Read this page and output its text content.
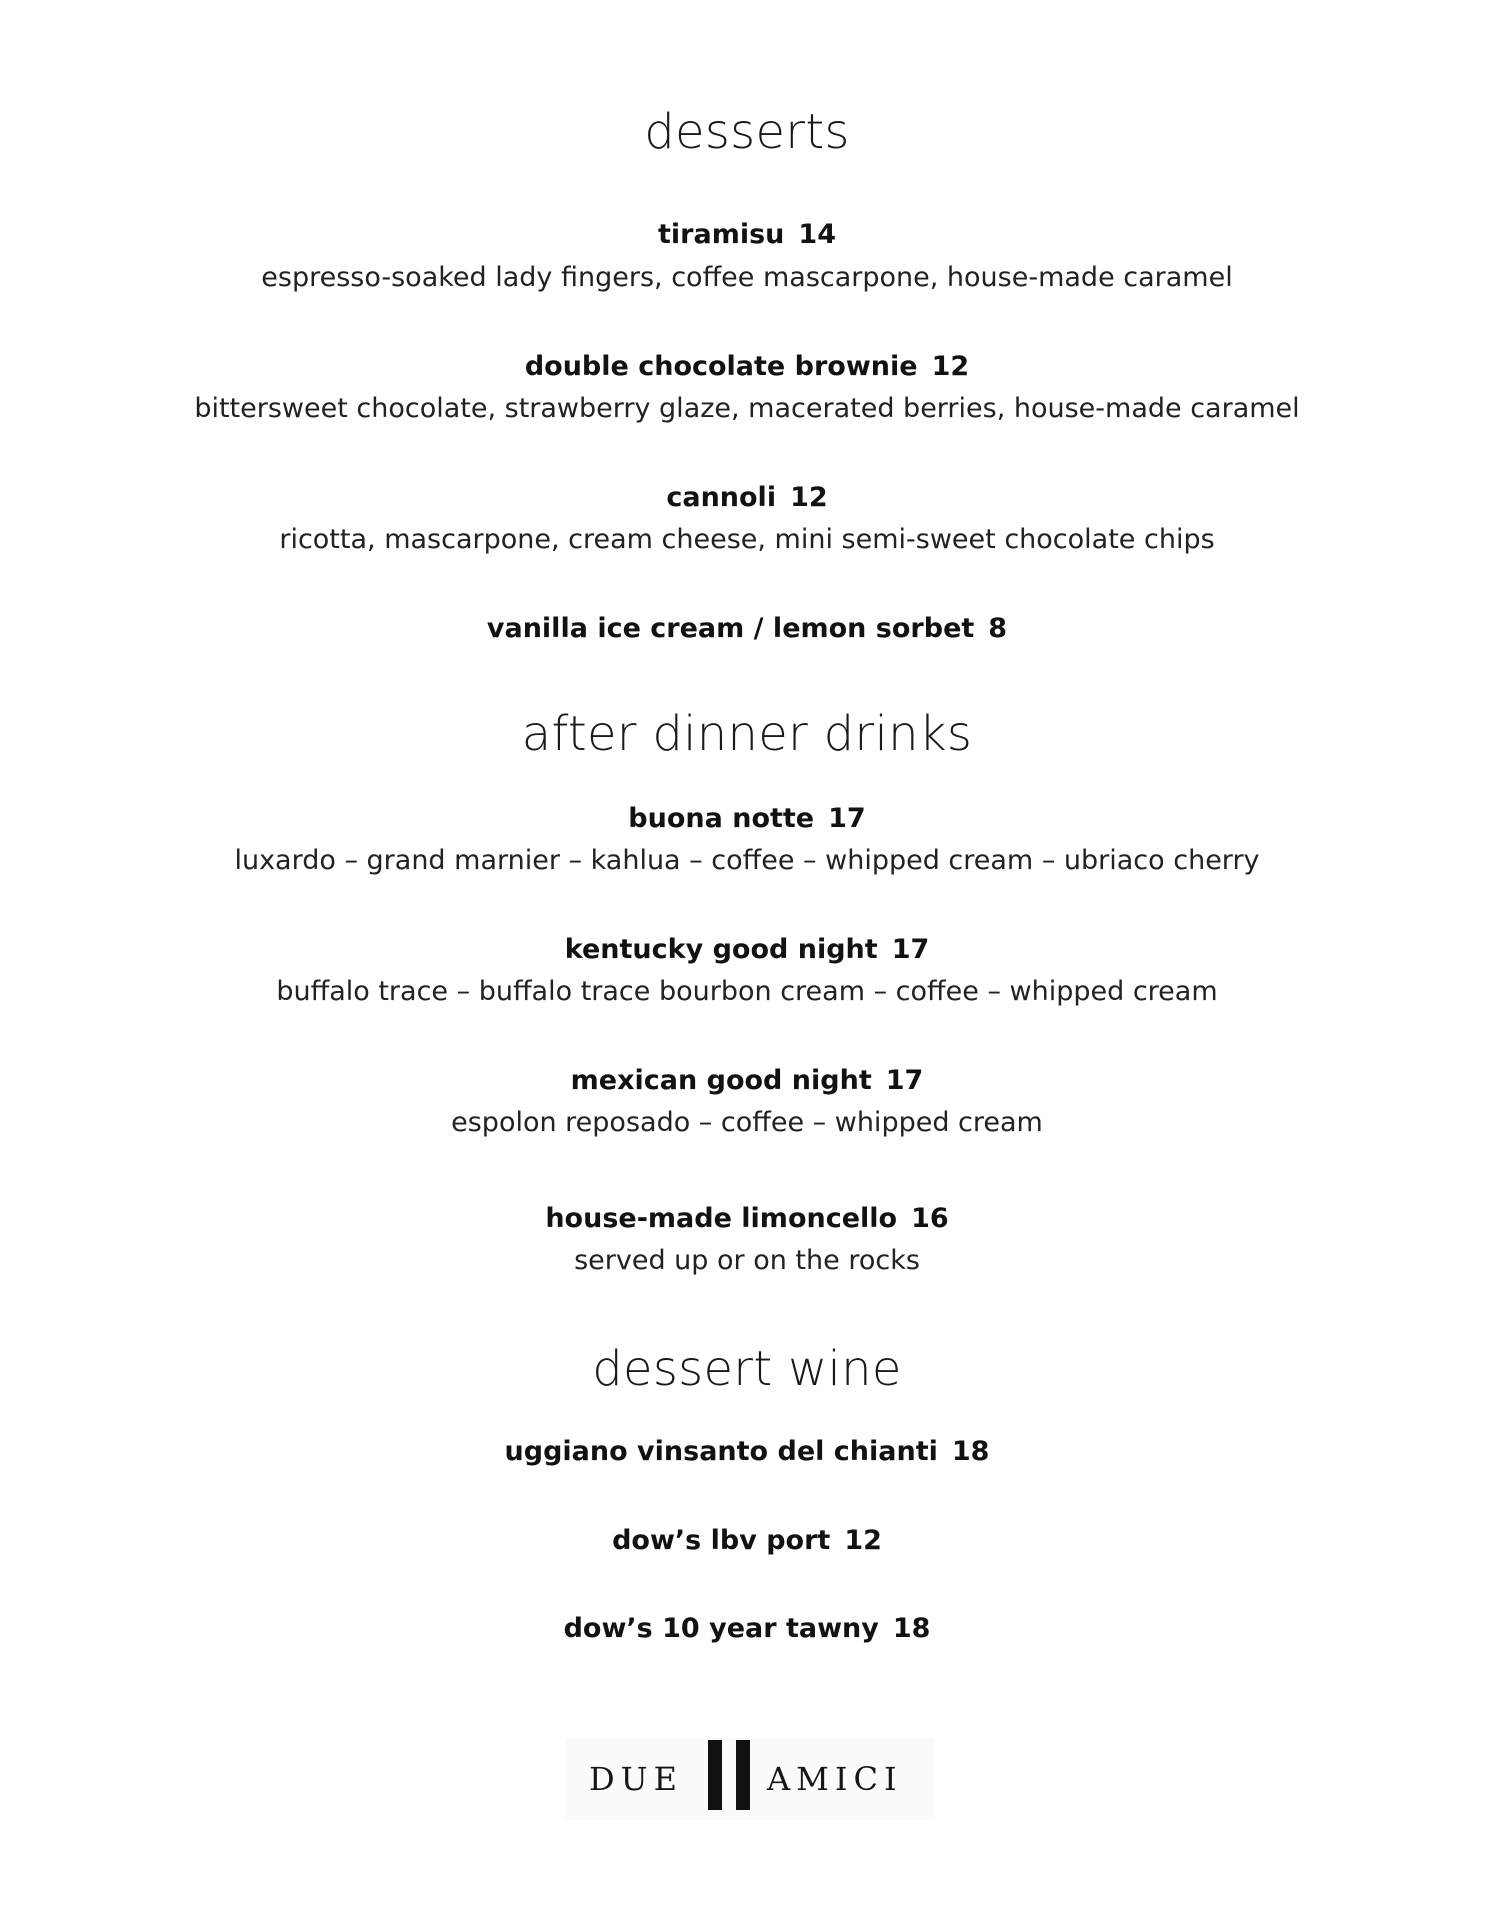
desserts
tiramisu 14
espresso-soaked lady fingers, coffee mascarpone, house-made caramel
double chocolate brownie 12
bittersweet chocolate, strawberry glaze, macerated berries, house-made caramel
cannoli 12
ricotta, mascarpone, cream cheese, mini semi-sweet chocolate chips
vanilla ice cream / lemon sorbet 8
after dinner drinks
buona notte 17
luxardo – grand marnier – kahlua – coffee – whipped cream – ubriaco cherry
kentucky good night 17
buffalo trace – buffalo trace bourbon cream – coffee – whipped cream
mexican good night 17
espolon reposado – coffee – whipped cream
house-made limoncello 16
served up or on the rocks
dessert wine
uggiano vinsanto del chianti 18
dow’s lbv port 12
dow’s 10 year tawny 18
DUE	AMICI
